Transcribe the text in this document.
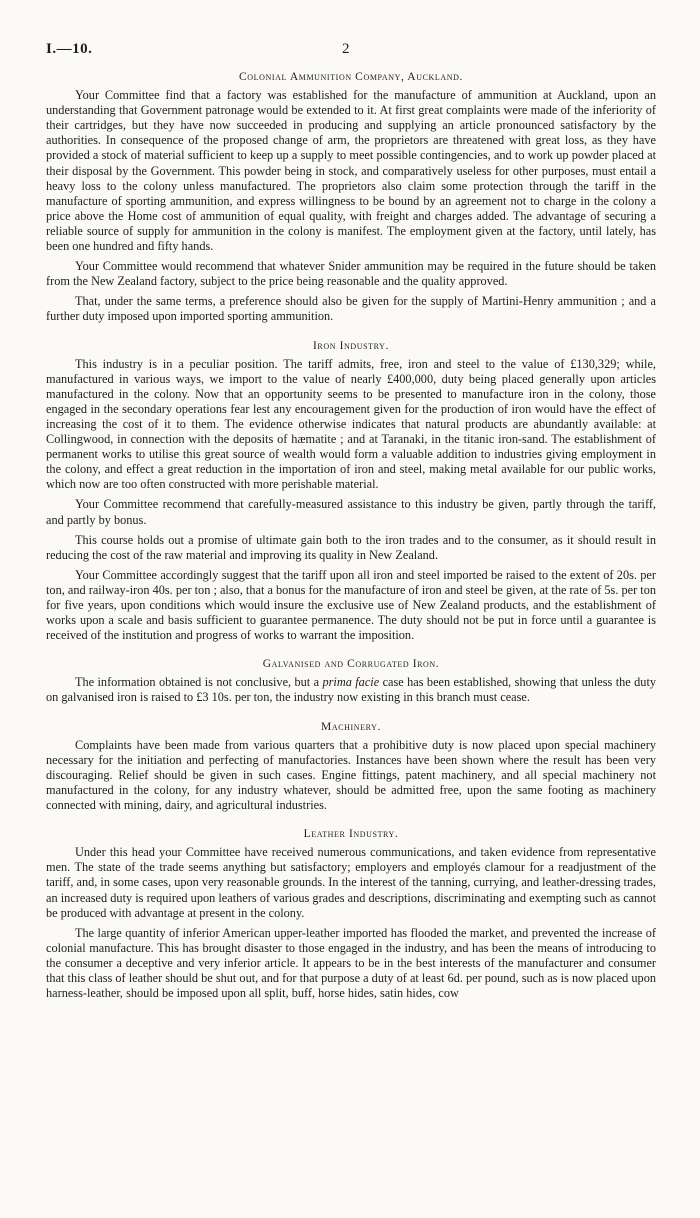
I.—10.	2
Colonial Ammunition Company, Auckland.

Your Committee find that a factory was established for the manufacture of ammunition at Auckland, upon an understanding that Government patronage would be extended to it. At first great complaints were made of the inferiority of their cartridges, but they have now succeeded in producing and supplying an article pronounced satisfactory by the authorities. In consequence of the proposed change of arm, the proprietors are threatened with great loss, as they have provided a stock of material sufficient to keep up a supply to meet possible contingencies, and to work up powder placed at their disposal by the Government. This powder being in stock, and comparatively useless for other purposes, must entail a heavy loss to the colony unless manufactured. The proprietors also claim some protection through the tariff in the manufacture of sporting ammunition, and express willingness to be bound by an agreement not to charge in the colony a price above the Home cost of ammunition of equal quality, with freight and charges added. The advantage of securing a reliable source of supply for ammunition in the colony is manifest. The employment given at the factory, until lately, has been one hundred and fifty hands.

Your Committee would recommend that whatever Snider ammunition may be required in the future should be taken from the New Zealand factory, subject to the price being reasonable and the quality approved.

That, under the same terms, a preference should also be given for the supply of Martini-Henry ammunition ; and a further duty imposed upon imported sporting ammunition.

Iron Industry.

This industry is in a peculiar position. The tariff admits, free, iron and steel to the value of £130,329; while, manufactured in various ways, we import to the value of nearly £400,000, duty being placed generally upon articles manufactured in the colony. Now that an opportunity seems to be presented to manufacture iron in the colony, those engaged in the secondary operations fear lest any encouragement given for the production of iron would have the effect of increasing the cost of it to them. The evidence otherwise indicates that natural products are abundantly available: at Collingwood, in connection with the deposits of hæmatite ; and at Taranaki, in the titanic iron-sand. The establishment of permanent works to utilise this great source of wealth would form a valuable addition to industries giving employment in the colony, and effect a great reduction in the importation of iron and steel, making metal available for our public works, which now are too often constructed with more perishable material.

Your Committee recommend that carefully-measured assistance to this industry be given, partly through the tariff, and partly by bonus.

This course holds out a promise of ultimate gain both to the iron trades and to the consumer, as it should result in reducing the cost of the raw material and improving its quality in New Zealand.

Your Committee accordingly suggest that the tariff upon all iron and steel imported be raised to the extent of 20s. per ton, and railway-iron 40s. per ton ; also, that a bonus for the manufacture of iron and steel be given, at the rate of 5s. per ton for five years, upon conditions which would insure the exclusive use of New Zealand products, and the establishment of works upon a scale and basis sufficient to guarantee permanence. The duty should not be put in force until a guarantee is received of the institution and progress of works to warrant the imposition.

Galvanised and Corrugated Iron.

The information obtained is not conclusive, but a prima facie case has been established, showing that unless the duty on galvanised iron is raised to £3 10s. per ton, the industry now existing in this branch must cease.

Machinery.

Complaints have been made from various quarters that a prohibitive duty is now placed upon special machinery necessary for the initiation and perfecting of manufactories. Instances have been shown where the result has been very discouraging. Relief should be given in such cases. Engine fittings, patent machinery, and all special machinery not manufactured in the colony, for any industry whatever, should be admitted free, upon the same footing as machinery connected with mining, dairy, and agricultural industries.

Leather Industry.

Under this head your Committee have received numerous communications, and taken evidence from representative men. The state of the trade seems anything but satisfactory; employers and employés clamour for a readjustment of the tariff, and, in some cases, upon very reasonable grounds. In the interest of the tanning, currying, and leather-dressing trades, an increased duty is required upon leathers of various grades and descriptions, discriminating and exempting such as cannot be produced with advantage at present in the colony.

The large quantity of inferior American upper-leather imported has flooded the market, and prevented the increase of colonial manufacture. This has brought disaster to those engaged in the industry, and has been the means of introducing to the consumer a deceptive and very inferior article. It appears to be in the best interests of the manufacturer and consumer that this class of leather should be shut out, and for that purpose a duty of at least 6d. per pound, such as is now placed upon harness-leather, should be imposed upon all split, buff, horse hides, satin hides, cow
